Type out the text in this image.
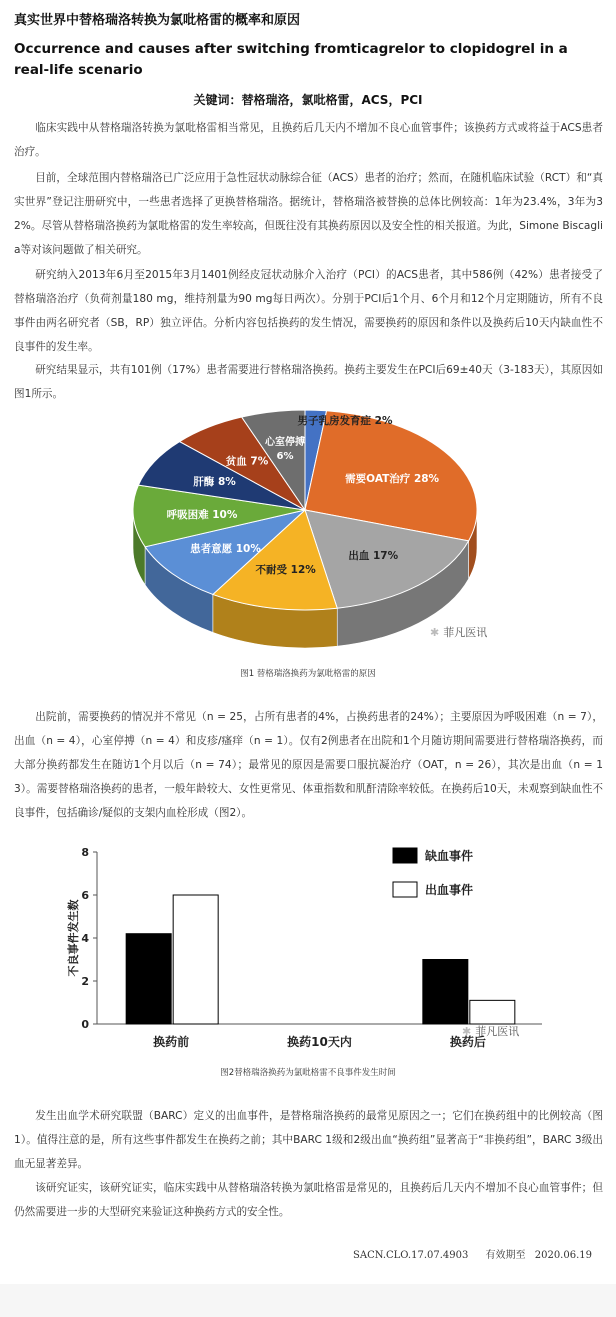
真实世界中替格瑞洛转换为氯吡格雷的概率和原因
Occurrence and causes after switching fromticagrelor to clopidogrel in a real-life scenario
关键词：替格瑞洛，氯吡格雷，ACS，PCI
临床实践中从替格瑞洛转换为氯吡格雷相当常见，且换药后几天内不增加不良心血管事件；该换药方式或将益于ACS患者治疗。
目前，全球范围内替格瑞洛已广泛应用于急性冠状动脉综合征（ACS）患者的治疗；然而，在随机临床试验（RCT）和“真实世界”登记注册研究中，一些患者选择了更换替格瑞洛。据统计，替格瑞洛被替换的总体比例较高：1年为23.4%，3年为32%。尽管从替格瑞洛换药为氯吡格雷的发生率较高，但既往没有其换药原因以及安全性的相关报道。为此，Simone Biscaglia等对该问题做了相关研究。
研究纳入2013年6月至2015年3月1401例经皮冠状动脉介入治疗（PCI）的ACS患者，其中586例（42%）患者接受了替格瑞洛治疗（负荷剂量180 mg，维持剂量为90 mg每日两次）。分别于PCI后1个月、6个月和12个月定期随访，所有不良事件由两名研究者（SB，RP）独立评估。分析内容包括换药的发生情况，需要换药的原因和条件以及换药后10天内缺血性不良事件的发生率。
研究结果显示，共有101例（17%）患者需要进行替格瑞洛换药。换药主要发生在PCI后69±40天（3-183天），其原因如图1所示。
男子乳房发育症 2%
需要OAT治疗 28%
出血 17%
不耐受 12%
患者意愿 10%
呼吸困难 10%
肝酶 8%
贫血 7%
心室停搏
6%
✱ 菲凡医讯
图1 替格瑞洛换药为氯吡格雷的原因
出院前，需要换药的情况并不常见（n = 25，占所有患者的4%，占换药患者的24%）；主要原因为呼吸困难（n = 7），出血（n = 4），心室停搏（n = 4）和皮疹/瘙痒（n = 1）。仅有2例患者在出院和1个月随访期间需要进行替格瑞洛换药，而大部分换药都发生在随访1个月以后（n = 74）；最常见的原因是需要口服抗凝治疗（OAT，n = 26），其次是出血（n = 13）。需要替格瑞洛换药的患者，一般年龄较大、女性更常见、体重指数和肌酐清除率较低。在换药后10天，未观察到缺血性不良事件，包括确诊/疑似的支架内血栓形成（图2）。
0
2
4
6
8
不良事件发生数
换药前	换药10天内	换药后
缺血事件
出血事件
✱ 菲凡医讯
图2替格瑞洛换药为氯吡格雷不良事件发生时间
发生出血学术研究联盟（BARC）定义的出血事件，是替格瑞洛换药的最常见原因之一；它们在换药组中的比例较高（图1）。值得注意的是，所有这些事件都发生在换药之前；其中BARC 1级和2级出血“换药组”显著高于“非换药组”，BARC 3级出血无显著差异。
该研究证实，该研究证实，临床实践中从替格瑞洛转换为氯吡格雷是常见的，且换药后几天内不增加不良心血管事件；但仍然需要进一步的大型研究来验证这种换药方式的安全性。
SACN.CLO.17.07.4903 有效期至 2020.06.19
